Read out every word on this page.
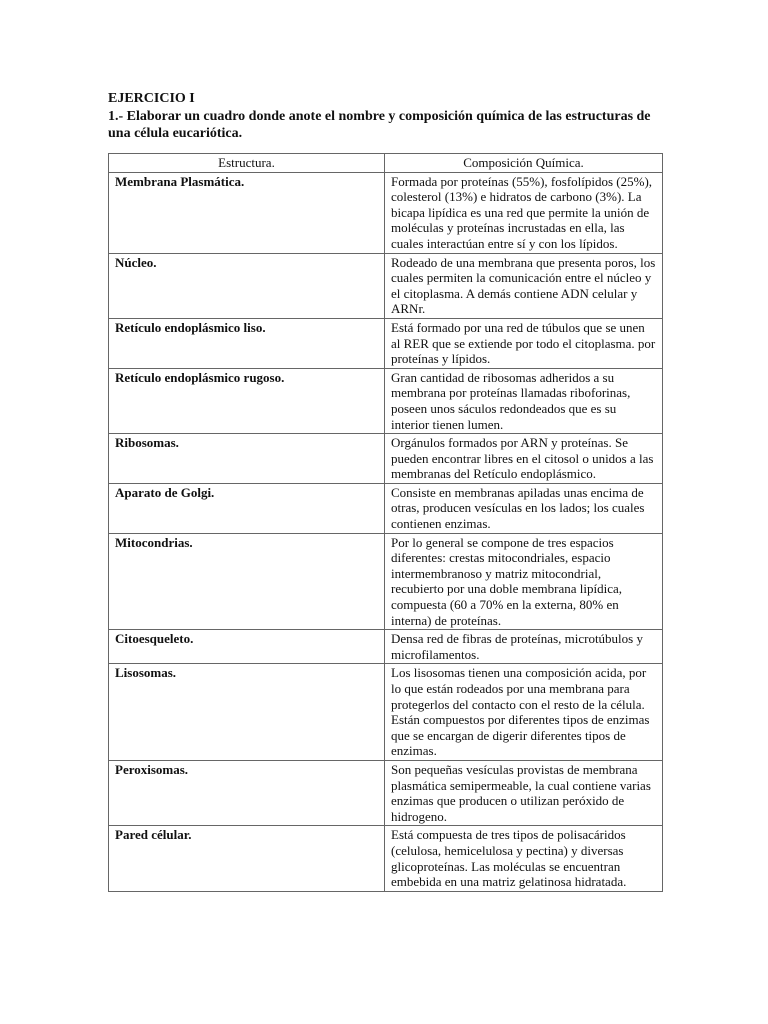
EJERCICIO I

1.- Elaborar un cuadro donde anote el nombre y composición química de las estructuras de una célula eucariótica.

Estructura.	Composición Química.
Membrana Plasmática.	Formada por proteínas (55%), fosfolípidos (25%), colesterol (13%) e hidratos de carbono (3%). La bicapa lipídica es una red que permite la unión de moléculas y proteínas incrustadas en ella, las cuales interactúan entre sí y con los lípidos.
Núcleo.	Rodeado de una membrana que presenta poros, los cuales permiten la comunicación entre el núcleo y el citoplasma. A demás contiene ADN celular y ARNr.
Retículo endoplásmico liso.	Está formado por una red de túbulos que se unen al RER que se extiende por todo el citoplasma. por proteínas y lípidos.
Retículo endoplásmico rugoso.	Gran cantidad de ribosomas adheridos a su membrana por proteínas llamadas riboforinas, poseen unos sáculos redondeados que es su interior tienen lumen.
Ribosomas.	Orgánulos formados por ARN y proteínas. Se pueden encontrar libres en el citosol o unidos a las membranas del Retículo endoplásmico.
Aparato de Golgi.	Consiste en membranas apiladas unas encima de otras, producen vesículas en los lados; los cuales contienen enzimas.
Mitocondrias.	Por lo general se compone de tres espacios diferentes: crestas mitocondriales, espacio intermembranoso y matriz mitocondrial, recubierto por una doble membrana lipídica, compuesta (60 a 70% en la externa, 80% en interna) de proteínas.
Citoesqueleto.	Densa red de fibras de proteínas, microtúbulos y microfilamentos.
Lisosomas.	Los lisosomas tienen una composición acida, por lo que están rodeados por una membrana para protegerlos del contacto con el resto de la célula. Están compuestos por diferentes tipos de enzimas que se encargan de digerir diferentes tipos de enzimas.
Peroxisomas.	Son pequeñas vesículas provistas de membrana plasmática semipermeable, la cual contiene varias enzimas que producen o utilizan peróxido de hidrogeno.
Pared célular.	Está compuesta de tres tipos de polisacáridos (celulosa, hemicelulosa y pectina) y diversas glicoproteínas. Las moléculas se encuentran embebida en una matriz gelatinosa hidratada.
